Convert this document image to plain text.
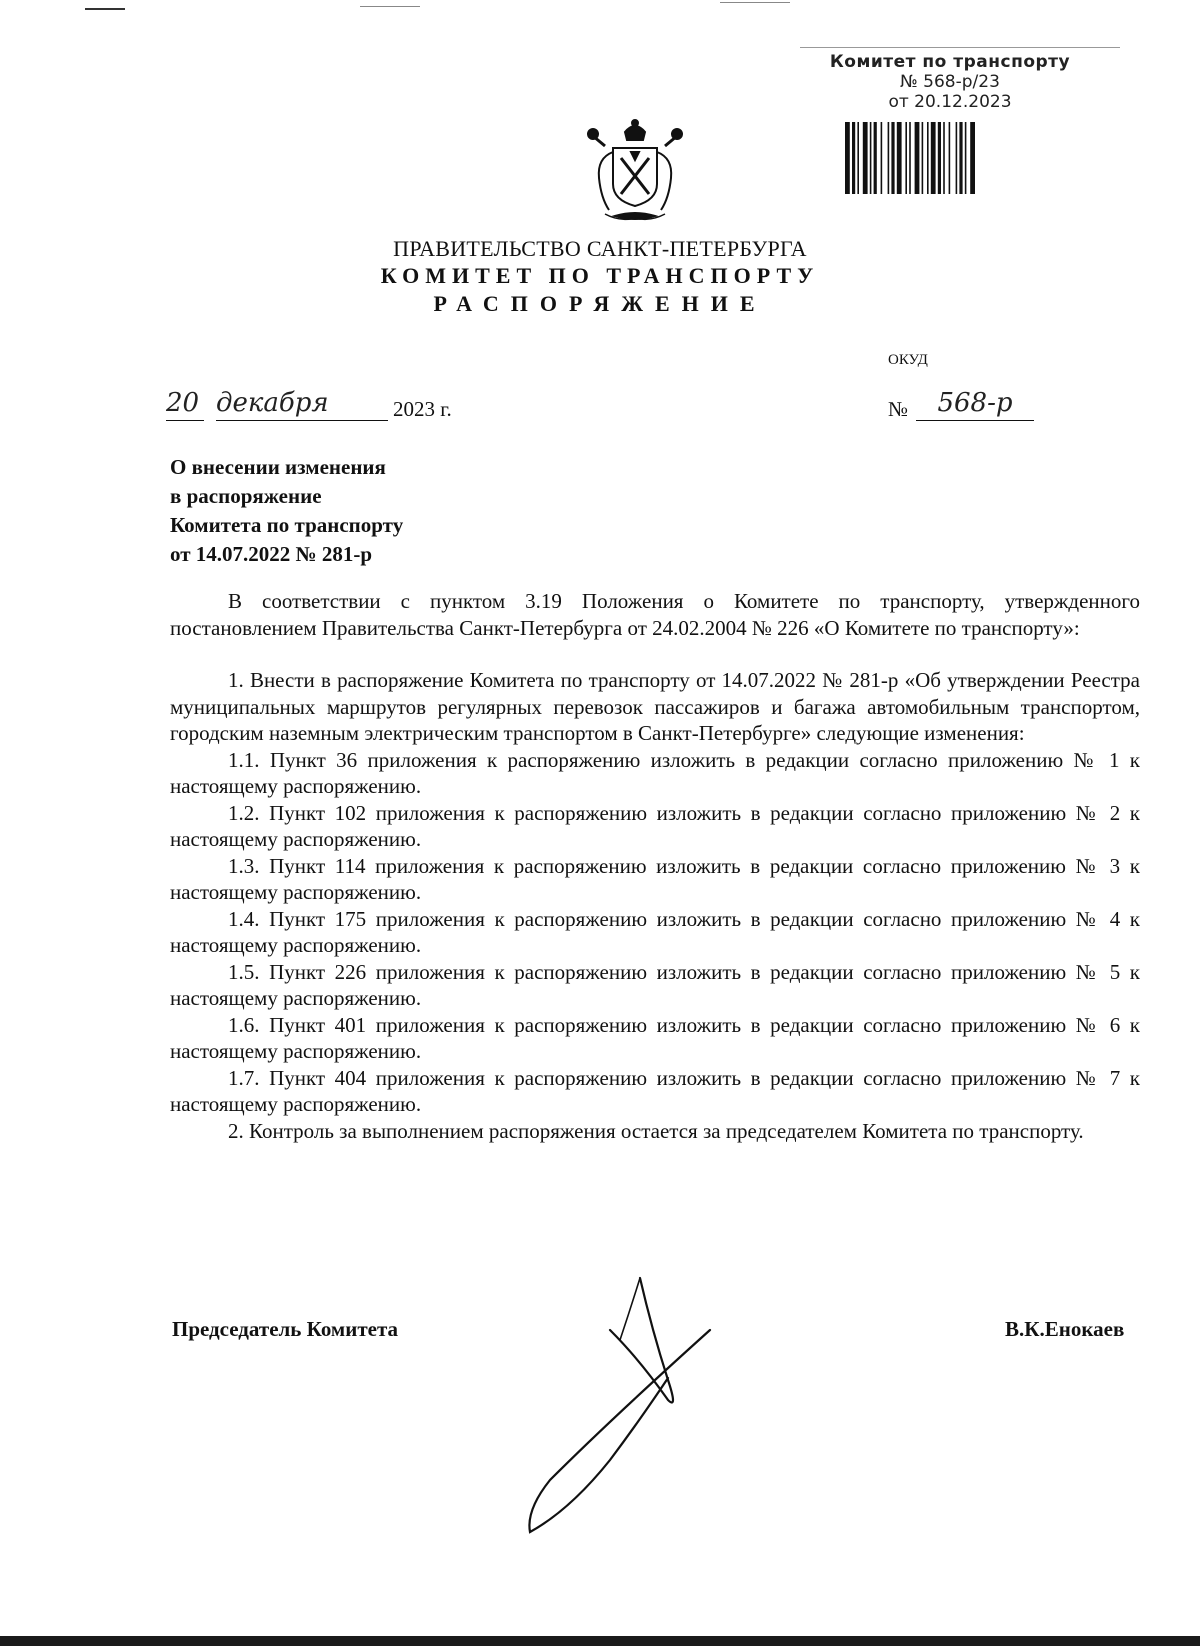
Комитет по транспорту
№ 568-р/23
от 20.12.2023
ПРАВИТЕЛЬСТВО САНКТ-ПЕТЕРБУРГА
КОМИТЕТ ПО ТРАНСПОРТУ
РАСПОРЯЖЕНИЕ
ОКУД
20 декабря	2023 г.	№	568-р
О внесении изменения
в распоряжение
Комитета по транспорту
от 14.07.2022 № 281-р

В соответствии с пунктом 3.19 Положения о Комитете по транспорту, утвержденного постановлением Правительства Санкт-Петербурга от 24.02.2004 № 226 «О Комитете по транспорту»:

1. Внести в распоряжение Комитета по транспорту от 14.07.2022 № 281-р «Об утверждении Реестра муниципальных маршрутов регулярных перевозок пассажиров и багажа автомобильным транспортом, городским наземным электрическим транспортом в Санкт-Петербурге» следующие изменения:

1.1. Пункт 36 приложения к распоряжению изложить в редакции согласно приложению № 1 к настоящему распоряжению.

1.2. Пункт 102 приложения к распоряжению изложить в редакции согласно приложению № 2 к настоящему распоряжению.

1.3. Пункт 114 приложения к распоряжению изложить в редакции согласно приложению № 3 к настоящему распоряжению.

1.4. Пункт 175 приложения к распоряжению изложить в редакции согласно приложению № 4 к настоящему распоряжению.

1.5. Пункт 226 приложения к распоряжению изложить в редакции согласно приложению № 5 к настоящему распоряжению.

1.6. Пункт 401 приложения к распоряжению изложить в редакции согласно приложению № 6 к настоящему распоряжению.

1.7. Пункт 404 приложения к распоряжению изложить в редакции согласно приложению № 7 к настоящему распоряжению.

2. Контроль за выполнением распоряжения остается за председателем Комитета по транспорту.

Председатель Комитета	В.К.Енокаев
